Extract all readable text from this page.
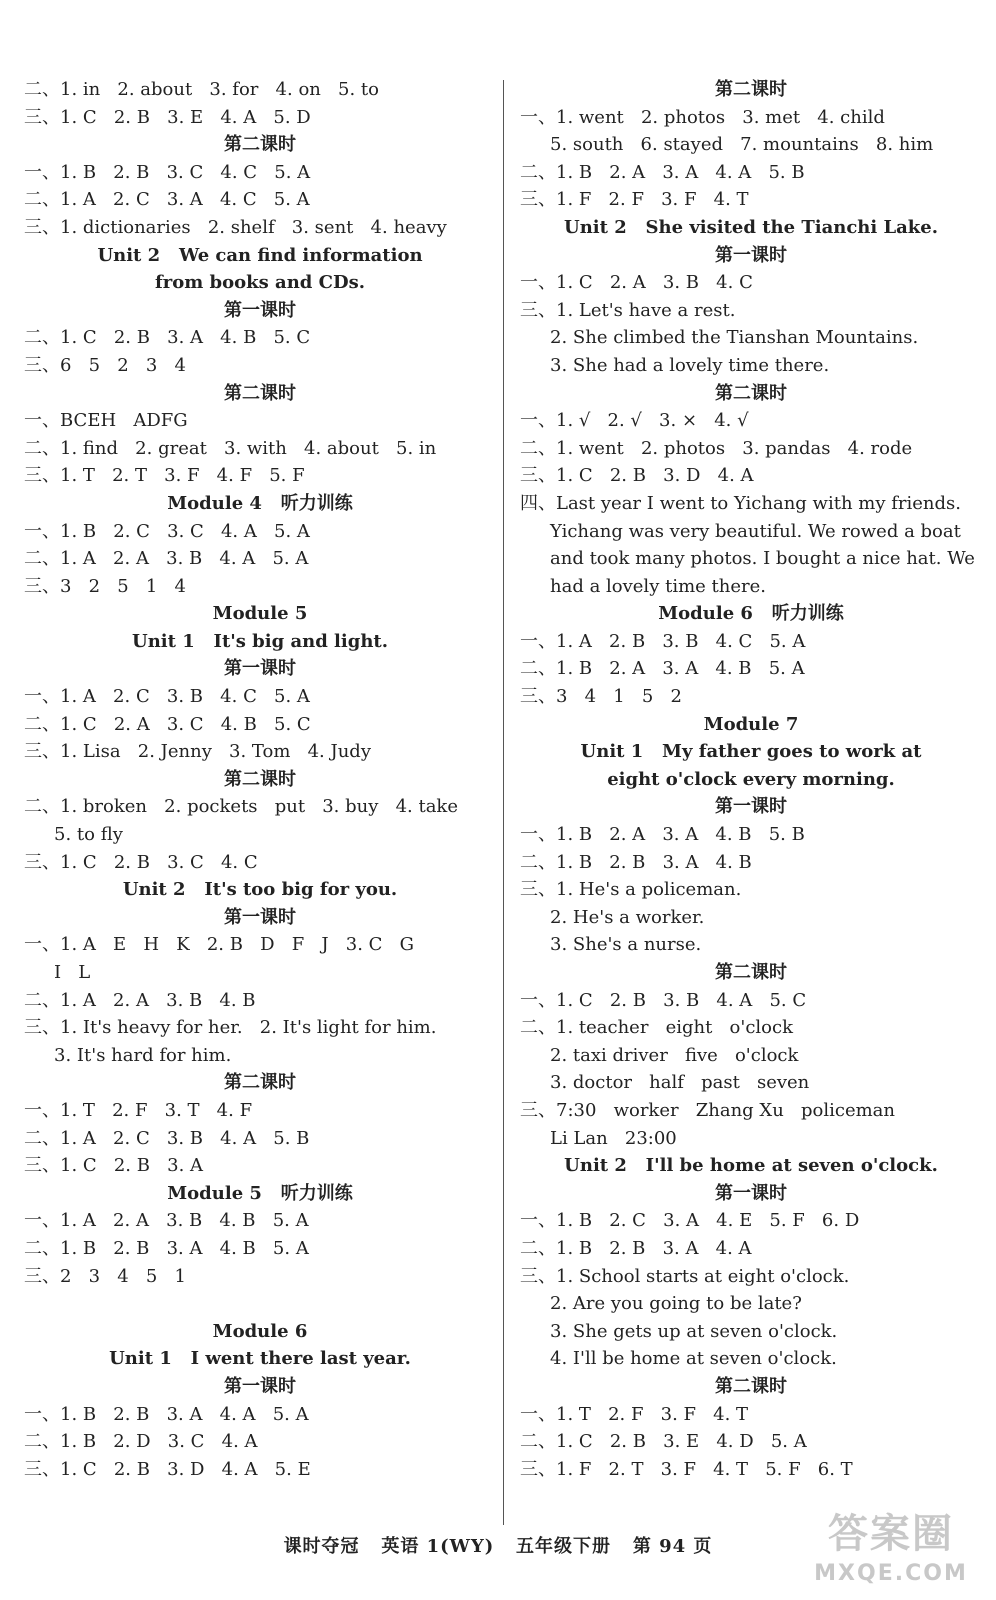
二、1. in   2. about   3. for   4. on   5. to
三、1. C   2. B   3. E   4. A   5. D
第二课时
一、1. B   2. B   3. C   4. C   5. A
二、1. A   2. C   3. A   4. C   5. A
三、1. dictionaries   2. shelf   3. sent   4. heavy
Unit 2   We can find information
from books and CDs.
第一课时
二、1. C   2. B   3. A   4. B   5. C
三、6   5   2   3   4
第二课时
一、BCEH   ADFG
二、1. find   2. great   3. with   4. about   5. in
三、1. T   2. T   3. F   4. F   5. F
Module 4   听力训练
一、1. B   2. C   3. C   4. A   5. A
二、1. A   2. A   3. B   4. A   5. A
三、3   2   5   1   4
Module 5
Unit 1   It's big and light.
第一课时
一、1. A   2. C   3. B   4. C   5. A
二、1. C   2. A   3. C   4. B   5. C
三、1. Lisa   2. Jenny   3. Tom   4. Judy
第二课时
二、1. broken   2. pockets   put   3. buy   4. take
5. to fly
三、1. C   2. B   3. C   4. C
Unit 2   It's too big for you.
第一课时
一、1. A   E   H   K   2. B   D   F   J   3. C   G
I   L
二、1. A   2. A   3. B   4. B
三、1. It's heavy for her.   2. It's light for him.
3. It's hard for him.
第二课时
一、1. T   2. F   3. T   4. F
二、1. A   2. C   3. B   4. A   5. B
三、1. C   2. B   3. A
Module 5   听力训练
一、1. A   2. A   3. B   4. B   5. A
二、1. B   2. B   3. A   4. B   5. A
三、2   3   4   5   1
Module 6
Unit 1   I went there last year.
第一课时
一、1. B   2. B   3. A   4. A   5. A
二、1. B   2. D   3. C   4. A
三、1. C   2. B   3. D   4. A   5. E
第二课时
一、1. went   2. photos   3. met   4. child
5. south   6. stayed   7. mountains   8. him
二、1. B   2. A   3. A   4. A   5. B
三、1. F   2. F   3. F   4. T
Unit 2   She visited the Tianchi Lake.
第一课时
一、1. C   2. A   3. B   4. C
三、1. Let's have a rest.
2. She climbed the Tianshan Mountains.
3. She had a lovely time there.
第二课时
一、1. √   2. √   3. ×   4. √
二、1. went   2. photos   3. pandas   4. rode
三、1. C   2. B   3. D   4. A
四、Last year I went to Yichang with my friends.
Yichang was very beautiful. We rowed a boat
and took many photos. I bought a nice hat. We
had a lovely time there.
Module 6   听力训练
一、1. A   2. B   3. B   4. C   5. A
二、1. B   2. A   3. A   4. B   5. A
三、3   4   1   5   2
Module 7
Unit 1   My father goes to work at
eight o'clock every morning.
第一课时
一、1. B   2. A   3. A   4. B   5. B
二、1. B   2. B   3. A   4. B
三、1. He's a policeman.
2. He's a worker.
3. She's a nurse.
第二课时
一、1. C   2. B   3. B   4. A   5. C
二、1. teacher   eight   o'clock
2. taxi driver   five   o'clock
3. doctor   half   past   seven
三、7:30   worker   Zhang Xu   policeman
Li Lan   23:00
Unit 2   I'll be home at seven o'clock.
第一课时
一、1. B   2. C   3. A   4. E   5. F   6. D
二、1. B   2. B   3. A   4. A
三、1. School starts at eight o'clock.
2. Are you going to be late?
3. She gets up at seven o'clock.
4. I'll be home at seven o'clock.
第二课时
一、1. T   2. F   3. F   4. T
二、1. C   2. B   3. E   4. D   5. A
三、1. F   2. T   3. F   4. T   5. F   6. T
课时夺冠   英语 1(WY)   五年级下册   第 94 页	答案圈
MXQE.COM
